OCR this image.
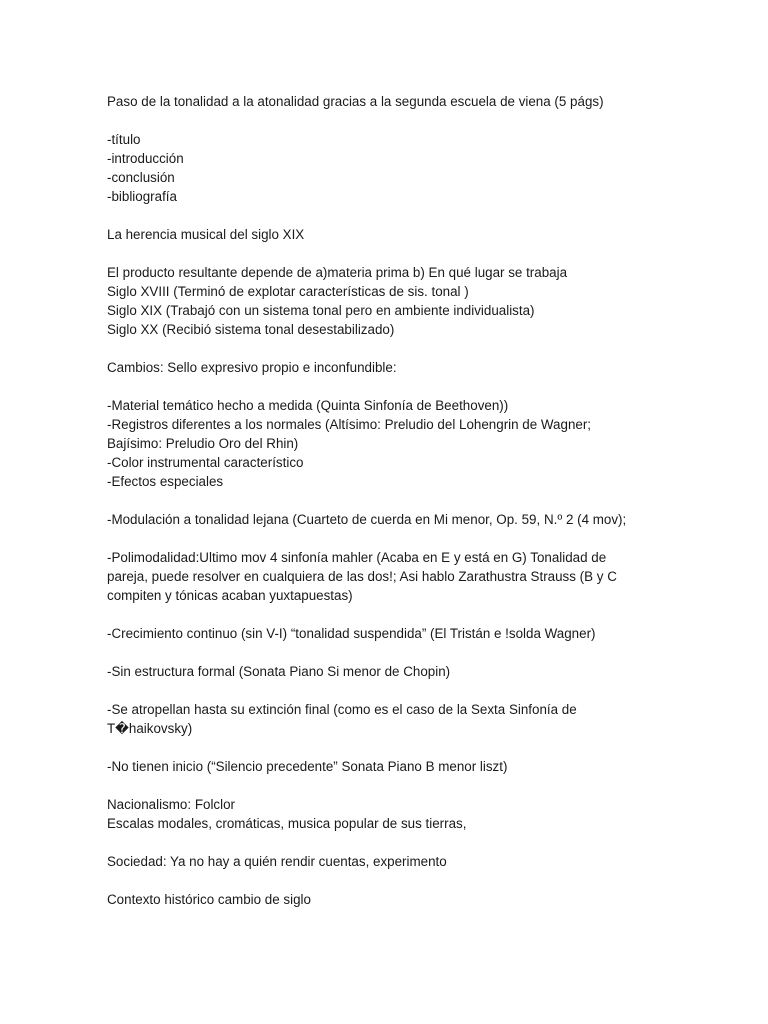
Paso de la tonalidad a la atonalidad gracias a la segunda escuela de viena (5 págs)
-título
-introducción
-conclusión
-bibliografía
La herencia musical del siglo XIX
El producto resultante depende de a)materia prima b) En qué lugar se trabaja
Siglo XVIII (Terminó de explotar características de sis. tonal )
Siglo XIX (Trabajó con un sistema tonal pero en ambiente individualista)
Siglo XX (Recibió sistema tonal desestabilizado)
Cambios: Sello expresivo propio e inconfundible:
-Material temático hecho a medida (Quinta Sinfonía de Beethoven))
-Registros diferentes a los normales (Altísimo: Preludio del Lohengrin de Wagner;
Bajísimo: Preludio Oro del Rhin)
-Color instrumental característico
-Efectos especiales
-Modulación a tonalidad lejana (Cuarteto de cuerda en Mi menor, Op. 59, N.º 2 (4 mov);
-Polimodalidad:Ultimo mov 4 sinfonía mahler (Acaba en E y está en G) Tonalidad de
pareja, puede resolver en cualquiera de las dos!; Asi hablo Zarathustra Strauss (B y C
compiten y tónicas acaban yuxtapuestas)
-Crecimiento continuo (sin V-I) “tonalidad suspendida” (El Tristán e !solda Wagner)
-Sin estructura formal (Sonata Piano Si menor de Chopin)
-Se atropellan hasta su extinción final (como es el caso de la Sexta Sinfonía de
T�haikovsky)
-No tienen inicio (“Silencio precedente” Sonata Piano B menor liszt)
Nacionalismo: Folclor
Escalas modales, cromáticas, musica popular de sus tierras,
Sociedad: Ya no hay a quién rendir cuentas, experimento
Contexto histórico cambio de siglo
